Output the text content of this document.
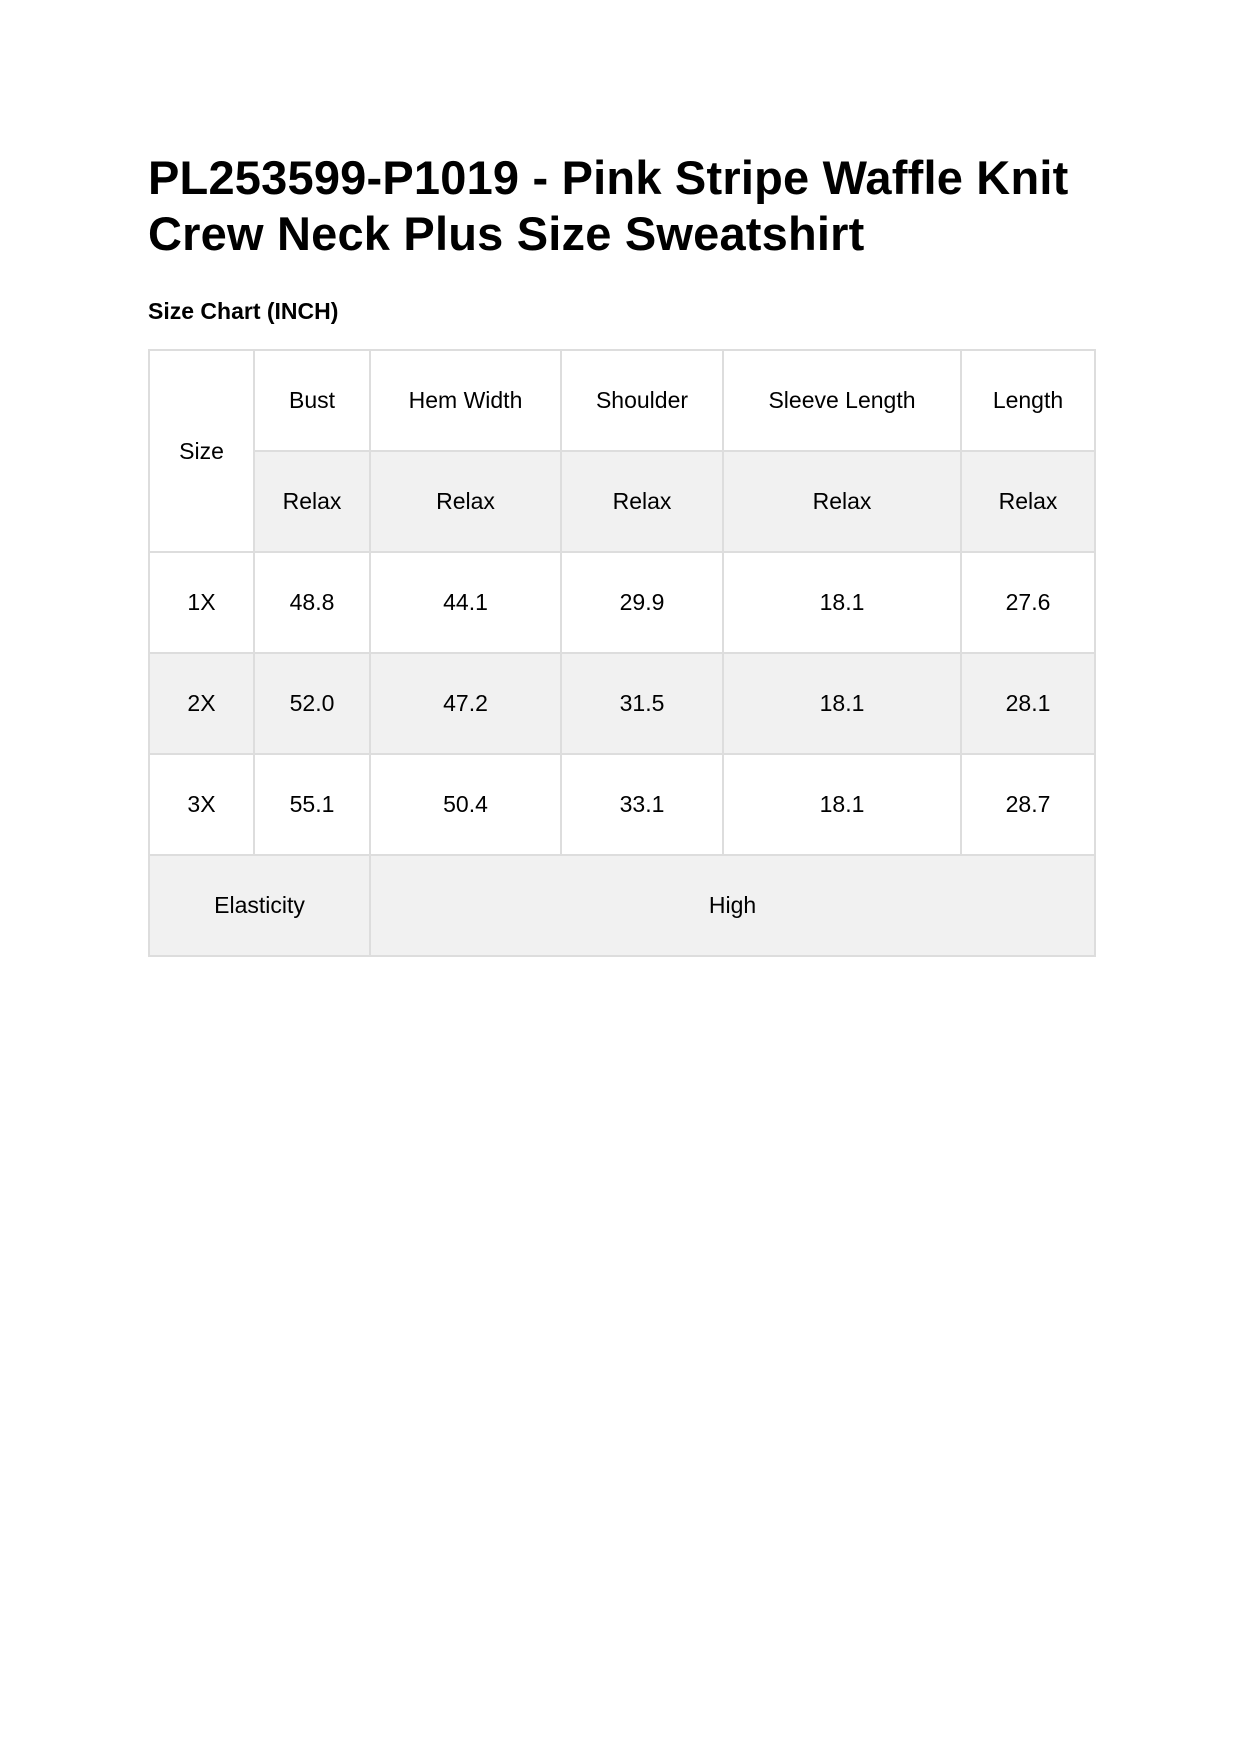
PL253599-P1019 - Pink Stripe Waffle Knit Crew Neck Plus Size Sweatshirt
Size Chart (INCH)
Size	Bust	Hem Width	Shoulder	Sleeve Length	Length
	Relax	Relax	Relax	Relax	Relax
1X	48.8	44.1	29.9	18.1	27.6
2X	52.0	47.2	31.5	18.1	28.1
3X	55.1	50.4	33.1	18.1	28.7
Elasticity		High			
